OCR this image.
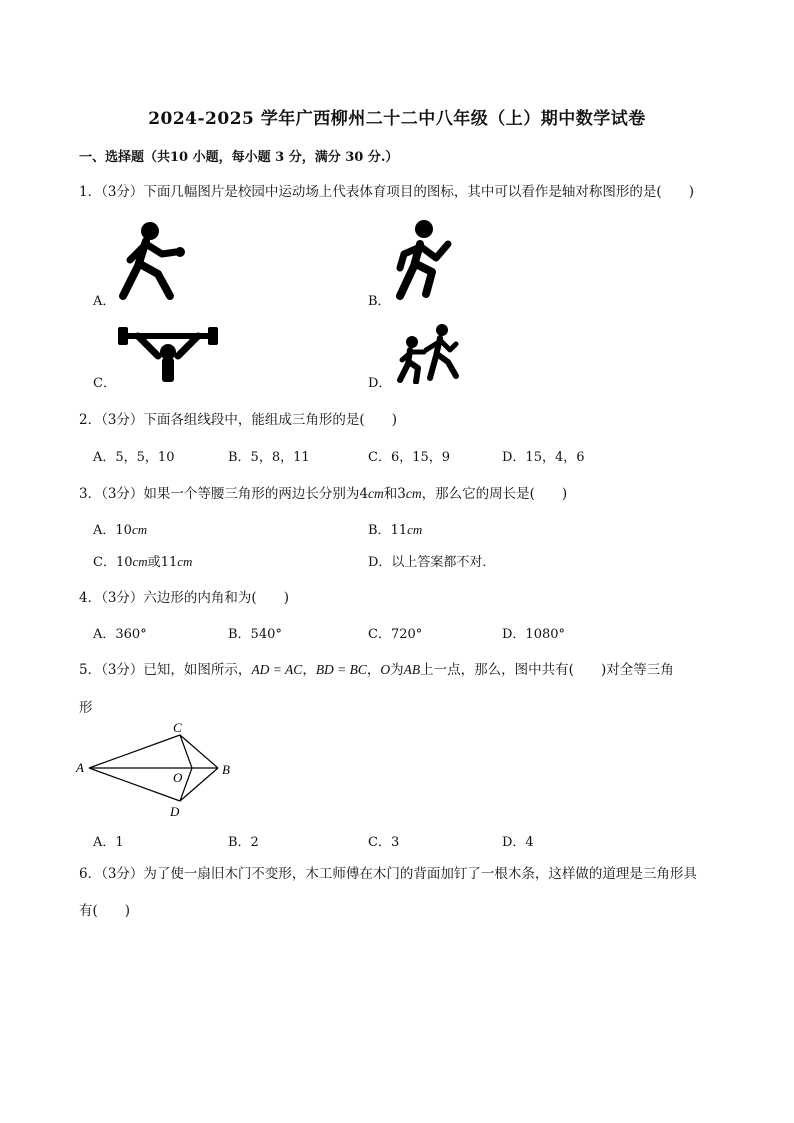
2024-2025 学年广西柳州二十二中八年级（上）期中数学试卷
一、选择题（共10 小题，每小题 3 分，满分 30 分.）
1．（3分）下面几幅图片是校园中运动场上代表体育项目的图标，其中可以看作是轴对称图形的是(　　)
A．	B．
C．	D．
2．（3分）下面各组线段中，能组成三角形的是(　　)
A．5，5，10	B．5，8，11	C．6，15，9	D．15，4，6
3．（3分）如果一个等腰三角形的两边长分别为4cm和3cm，那么它的周长是(　　)
A．10cm	B．11cm
C．10cm或11cm	D．以上答案都不对．
4．（3分）六边形的内角和为(　　)
A．360°	B．540°	C．720°	D．1080°
5．（3分）已知，如图所示，AD = AC，BD = BC，O为AB上一点，那么，图中共有(　　)对全等三角
形
A	B
C
D
O
A．1	B．2	C．3	D．4
6．（3分）为了使一扇旧木门不变形，木工师傅在木门的背面加钉了一根木条，这样做的道理是三角形具
有(　　)
